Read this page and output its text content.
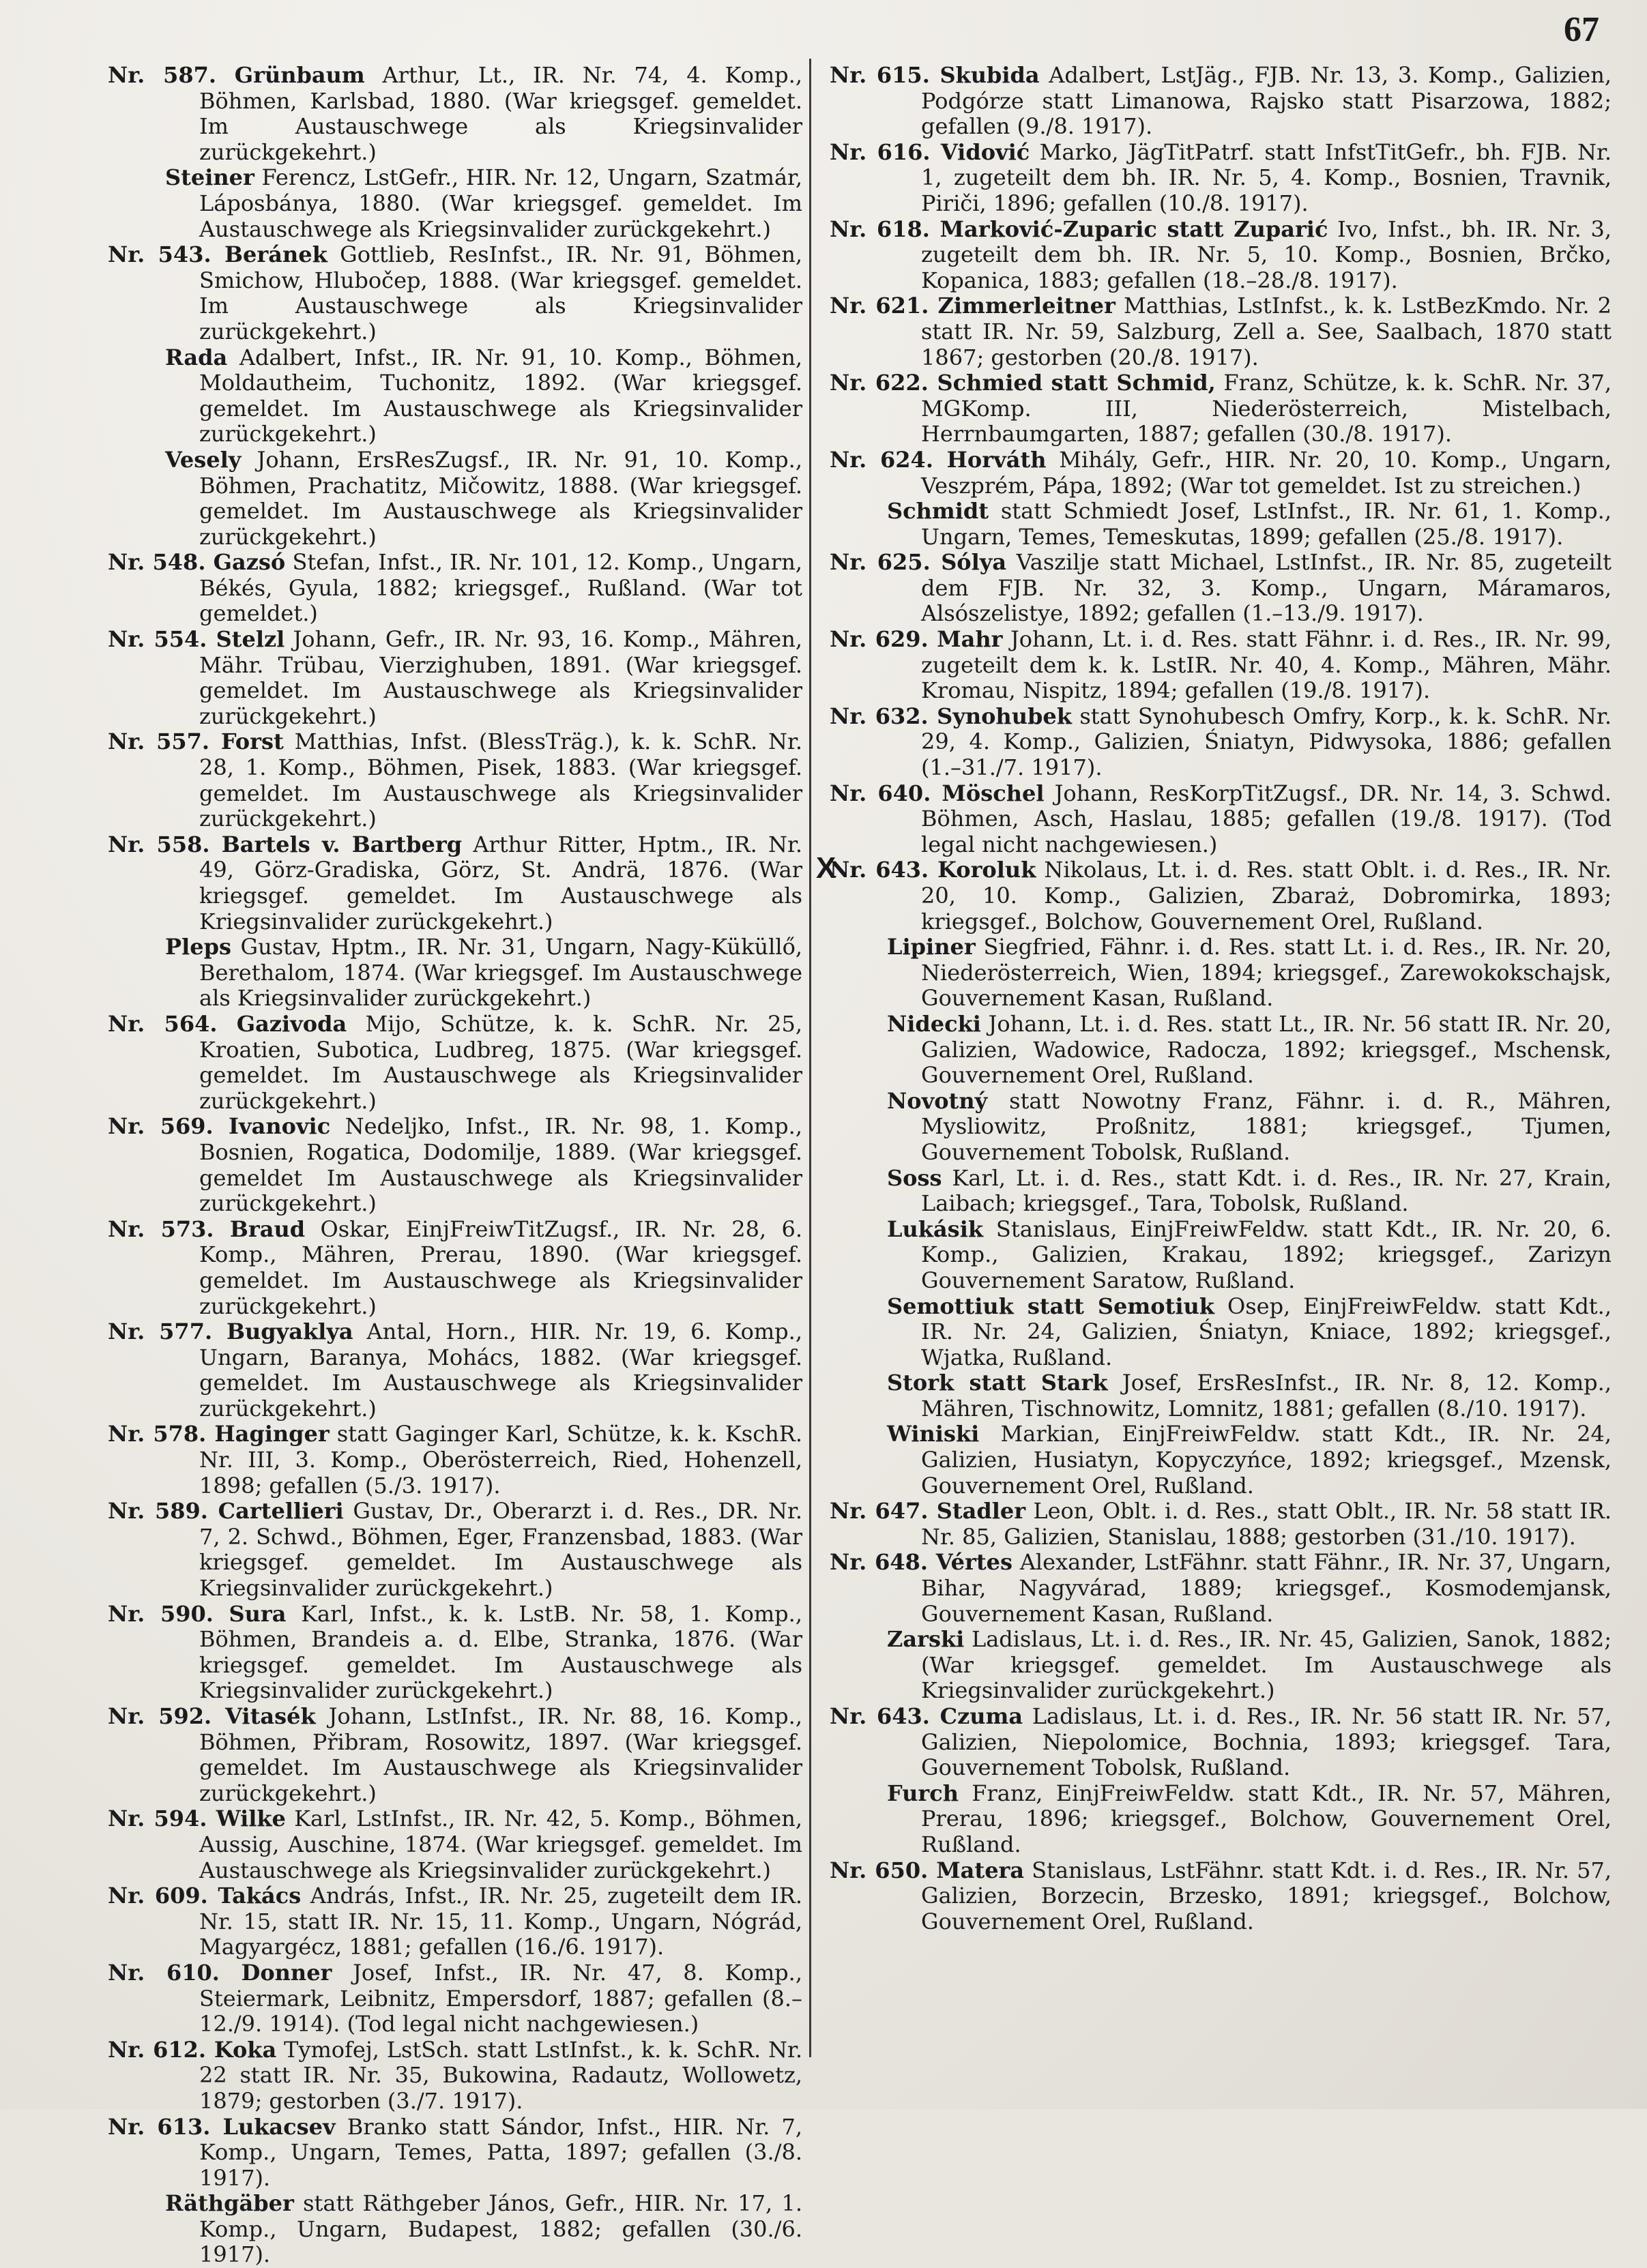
67
X

Nr. 587. Grünbaum Arthur, Lt., IR. Nr. 74, 4. Komp., Böhmen, Karlsbad, 1880. (War kriegsgef. gemeldet. Im Austauschwege als Kriegsinvalider zurückgekehrt.)

Steiner Ferencz, LstGefr., HIR. Nr. 12, Ungarn, Szatmár, Láposbánya, 1880. (War kriegsgef. gemeldet. Im Austauschwege als Kriegsinvalider zurückgekehrt.)

Nr. 543. Beránek Gottlieb, ResInfst., IR. Nr. 91, Böhmen, Smichow, Hlubočep, 1888. (War kriegsgef. gemeldet. Im Austauschwege als Kriegsinvalider zurückgekehrt.)

Rada Adalbert, Infst., IR. Nr. 91, 10. Komp., Böhmen, Moldautheim, Tuchonitz, 1892. (War kriegsgef. gemeldet. Im Austauschwege als Kriegsinvalider zurückgekehrt.)

Vesely Johann, ErsResZugsf., IR. Nr. 91, 10. Komp., Böhmen, Prachatitz, Mičowitz, 1888. (War kriegsgef. gemeldet. Im Austauschwege als Kriegsinvalider zurückgekehrt.)

Nr. 548. Gazsó Stefan, Infst., IR. Nr. 101, 12. Komp., Ungarn, Békés, Gyula, 1882; kriegsgef., Rußland. (War tot gemeldet.)

Nr. 554. Stelzl Johann, Gefr., IR. Nr. 93, 16. Komp., Mähren, Mähr. Trübau, Vierzighuben, 1891. (War kriegsgef. gemeldet. Im Austauschwege als Kriegsinvalider zurückgekehrt.)

Nr. 557. Forst Matthias, Infst. (BlessTräg.), k. k. SchR. Nr. 28, 1. Komp., Böhmen, Pisek, 1883. (War kriegsgef. gemeldet. Im Austauschwege als Kriegsinvalider zurückgekehrt.)

Nr. 558. Bartels v. Bartberg Arthur Ritter, Hptm., IR. Nr. 49, Görz-Gradiska, Görz, St. Andrä, 1876. (War kriegsgef. gemeldet. Im Austauschwege als Kriegsinvalider zurückgekehrt.)

Pleps Gustav, Hptm., IR. Nr. 31, Ungarn, Nagy-Küküllő, Berethalom, 1874. (War kriegsgef. Im Austauschwege als Kriegsinvalider zurückgekehrt.)

Nr. 564. Gazivoda Mijo, Schütze, k. k. SchR. Nr. 25, Kroatien, Subotica, Ludbreg, 1875. (War kriegsgef. gemeldet. Im Austauschwege als Kriegsinvalider zurückgekehrt.)

Nr. 569. Ivanovic Nedeljko, Infst., IR. Nr. 98, 1. Komp., Bosnien, Rogatica, Dodomilje, 1889. (War kriegsgef. gemeldet Im Austauschwege als Kriegsinvalider zurückgekehrt.)

Nr. 573. Braud Oskar, EinjFreiwTitZugsf., IR. Nr. 28, 6. Komp., Mähren, Prerau, 1890. (War kriegsgef. gemeldet. Im Austauschwege als Kriegsinvalider zurückgekehrt.)

Nr. 577. Bugyaklya Antal, Horn., HIR. Nr. 19, 6. Komp., Ungarn, Baranya, Mohács, 1882. (War kriegsgef. gemeldet. Im Austauschwege als Kriegsinvalider zurückgekehrt.)

Nr. 578. Haginger statt Gaginger Karl, Schütze, k. k. KschR. Nr. III, 3. Komp., Oberösterreich, Ried, Hohenzell, 1898; gefallen (5./3. 1917).

Nr. 589. Cartellieri Gustav, Dr., Oberarzt i. d. Res., DR. Nr. 7, 2. Schwd., Böhmen, Eger, Franzensbad, 1883. (War kriegsgef. gemeldet. Im Austauschwege als Kriegsinvalider zurückgekehrt.)

Nr. 590. Sura Karl, Infst., k. k. LstB. Nr. 58, 1. Komp., Böhmen, Brandeis a. d. Elbe, Stranka, 1876. (War kriegsgef. gemeldet. Im Austauschwege als Kriegsinvalider zurückgekehrt.)

Nr. 592. Vitasék Johann, LstInfst., IR. Nr. 88, 16. Komp., Böhmen, Přibram, Rosowitz, 1897. (War kriegsgef. gemeldet. Im Austauschwege als Kriegsinvalider zurückgekehrt.)

Nr. 594. Wilke Karl, LstInfst., IR. Nr. 42, 5. Komp., Böhmen, Aussig, Auschine, 1874. (War kriegsgef. gemeldet. Im Austauschwege als Kriegsinvalider zurückgekehrt.)

Nr. 609. Takács András, Infst., IR. Nr. 25, zugeteilt dem IR. Nr. 15, statt IR. Nr. 15, 11. Komp., Ungarn, Nógrád, Magyargécz, 1881; gefallen (16./6. 1917).

Nr. 610. Donner Josef, Infst., IR. Nr. 47, 8. Komp., Steiermark, Leibnitz, Empersdorf, 1887; gefallen (8.–12./9. 1914). (Tod legal nicht nachgewiesen.)

Nr. 612. Koka Tymofej, LstSch. statt LstInfst., k. k. SchR. Nr. 22 statt IR. Nr. 35, Bukowina, Radautz, Wollowetz, 1879; gestorben (3./7. 1917).

Nr. 613. Lukacsev Branko statt Sándor, Infst., HIR. Nr. 7, Komp., Ungarn, Temes, Patta, 1897; gefallen (3./8. 1917).

Räthgäber statt Räthgeber János, Gefr., HIR. Nr. 17, 1. Komp., Ungarn, Budapest, 1882; gefallen (30./6. 1917).

Nr. 615. Skubida Adalbert, LstJäg., FJB. Nr. 13, 3. Komp., Galizien, Podgórze statt Limanowa, Rajsko statt Pisarzowa, 1882; gefallen (9./8. 1917).

Nr. 616. Vidović Marko, JägTitPatrf. statt InfstTitGefr., bh. FJB. Nr. 1, zugeteilt dem bh. IR. Nr. 5, 4. Komp., Bosnien, Travnik, Piriči, 1896; gefallen (10./8. 1917).

Nr. 618. Marković-Zuparic statt Zuparić Ivo, Infst., bh. IR. Nr. 3, zugeteilt dem bh. IR. Nr. 5, 10. Komp., Bosnien, Brčko, Kopanica, 1883; gefallen (18.–28./8. 1917).

Nr. 621. Zimmerleitner Matthias, LstInfst., k. k. LstBezKmdo. Nr. 2 statt IR. Nr. 59, Salzburg, Zell a. See, Saalbach, 1870 statt 1867; gestorben (20./8. 1917).

Nr. 622. Schmied statt Schmid, Franz, Schütze, k. k. SchR. Nr. 37, MGKomp. III, Niederösterreich, Mistelbach, Herrnbaumgarten, 1887; gefallen (30./8. 1917).

Nr. 624. Horváth Mihály, Gefr., HIR. Nr. 20, 10. Komp., Ungarn, Veszprém, Pápa, 1892; (War tot gemeldet. Ist zu streichen.)

Schmidt statt Schmiedt Josef, LstInfst., IR. Nr. 61, 1. Komp., Ungarn, Temes, Temeskutas, 1899; gefallen (25./8. 1917).

Nr. 625. Sólya Vaszilje statt Michael, LstInfst., IR. Nr. 85, zugeteilt dem FJB. Nr. 32, 3. Komp., Ungarn, Máramaros, Alsószelistye, 1892; gefallen (1.–13./9. 1917).

Nr. 629. Mahr Johann, Lt. i. d. Res. statt Fähnr. i. d. Res., IR. Nr. 99, zugeteilt dem k. k. LstIR. Nr. 40, 4. Komp., Mähren, Mähr. Kromau, Nispitz, 1894; gefallen (19./8. 1917).

Nr. 632. Synohubek statt Synohubesch Omfry, Korp., k. k. SchR. Nr. 29, 4. Komp., Galizien, Śniatyn, Pidwysoka, 1886; gefallen (1.–31./7. 1917).

Nr. 640. Möschel Johann, ResKorpTitZugsf., DR. Nr. 14, 3. Schwd. Böhmen, Asch, Haslau, 1885; gefallen (19./8. 1917). (Tod legal nicht nachgewiesen.)

Nr. 643. Koroluk Nikolaus, Lt. i. d. Res. statt Oblt. i. d. Res., IR. Nr. 20, 10. Komp., Galizien, Zbaraż, Dobromirka, 1893; kriegsgef., Bolchow, Gouvernement Orel, Rußland.

Lipiner Siegfried, Fähnr. i. d. Res. statt Lt. i. d. Res., IR. Nr. 20, Niederösterreich, Wien, 1894; kriegsgef., Zarewokokschajsk, Gouvernement Kasan, Rußland.

Nidecki Johann, Lt. i. d. Res. statt Lt., IR. Nr. 56 statt IR. Nr. 20, Galizien, Wadowice, Radocza, 1892; kriegsgef., Mschensk, Gouvernement Orel, Rußland.

Novotný statt Nowotny Franz, Fähnr. i. d. R., Mähren, Mysliowitz, Proßnitz, 1881; kriegsgef., Tjumen, Gouvernement Tobolsk, Rußland.

Soss Karl, Lt. i. d. Res., statt Kdt. i. d. Res., IR. Nr. 27, Krain, Laibach; kriegsgef., Tara, Tobolsk, Rußland.

Lukásik Stanislaus, EinjFreiwFeldw. statt Kdt., IR. Nr. 20, 6. Komp., Galizien, Krakau, 1892; kriegsgef., Zarizyn Gouvernement Saratow, Rußland.

Semottiuk statt Semotiuk Osep, EinjFreiwFeldw. statt Kdt., IR. Nr. 24, Galizien, Śniatyn, Kniace, 1892; kriegsgef., Wjatka, Rußland.

Stork statt Stark Josef, ErsResInfst., IR. Nr. 8, 12. Komp., Mähren, Tischnowitz, Lomnitz, 1881; gefallen (8./10. 1917).

Winiski Markian, EinjFreiwFeldw. statt Kdt., IR. Nr. 24, Galizien, Husiatyn, Kopyczyńce, 1892; kriegsgef., Mzensk, Gouvernement Orel, Rußland.

Nr. 647. Stadler Leon, Oblt. i. d. Res., statt Oblt., IR. Nr. 58 statt IR. Nr. 85, Galizien, Stanislau, 1888; gestorben (31./10. 1917).

Nr. 648. Vértes Alexander, LstFähnr. statt Fähnr., IR. Nr. 37, Ungarn, Bihar, Nagyvárad, 1889; kriegsgef., Kosmodemjansk, Gouvernement Kasan, Rußland.

Zarski Ladislaus, Lt. i. d. Res., IR. Nr. 45, Galizien, Sanok, 1882; (War kriegsgef. gemeldet. Im Austauschwege als Kriegsinvalider zurückgekehrt.)

Nr. 643. Czuma Ladislaus, Lt. i. d. Res., IR. Nr. 56 statt IR. Nr. 57, Galizien, Niepolomice, Bochnia, 1893; kriegsgef. Tara, Gouvernement Tobolsk, Rußland.

Furch Franz, EinjFreiwFeldw. statt Kdt., IR. Nr. 57, Mähren, Prerau, 1896; kriegsgef., Bolchow, Gouvernement Orel, Rußland.

Nr. 650. Matera Stanislaus, LstFähnr. statt Kdt. i. d. Res., IR. Nr. 57, Galizien, Borzecin, Brzesko, 1891; kriegsgef., Bolchow, Gouvernement Orel, Rußland.
